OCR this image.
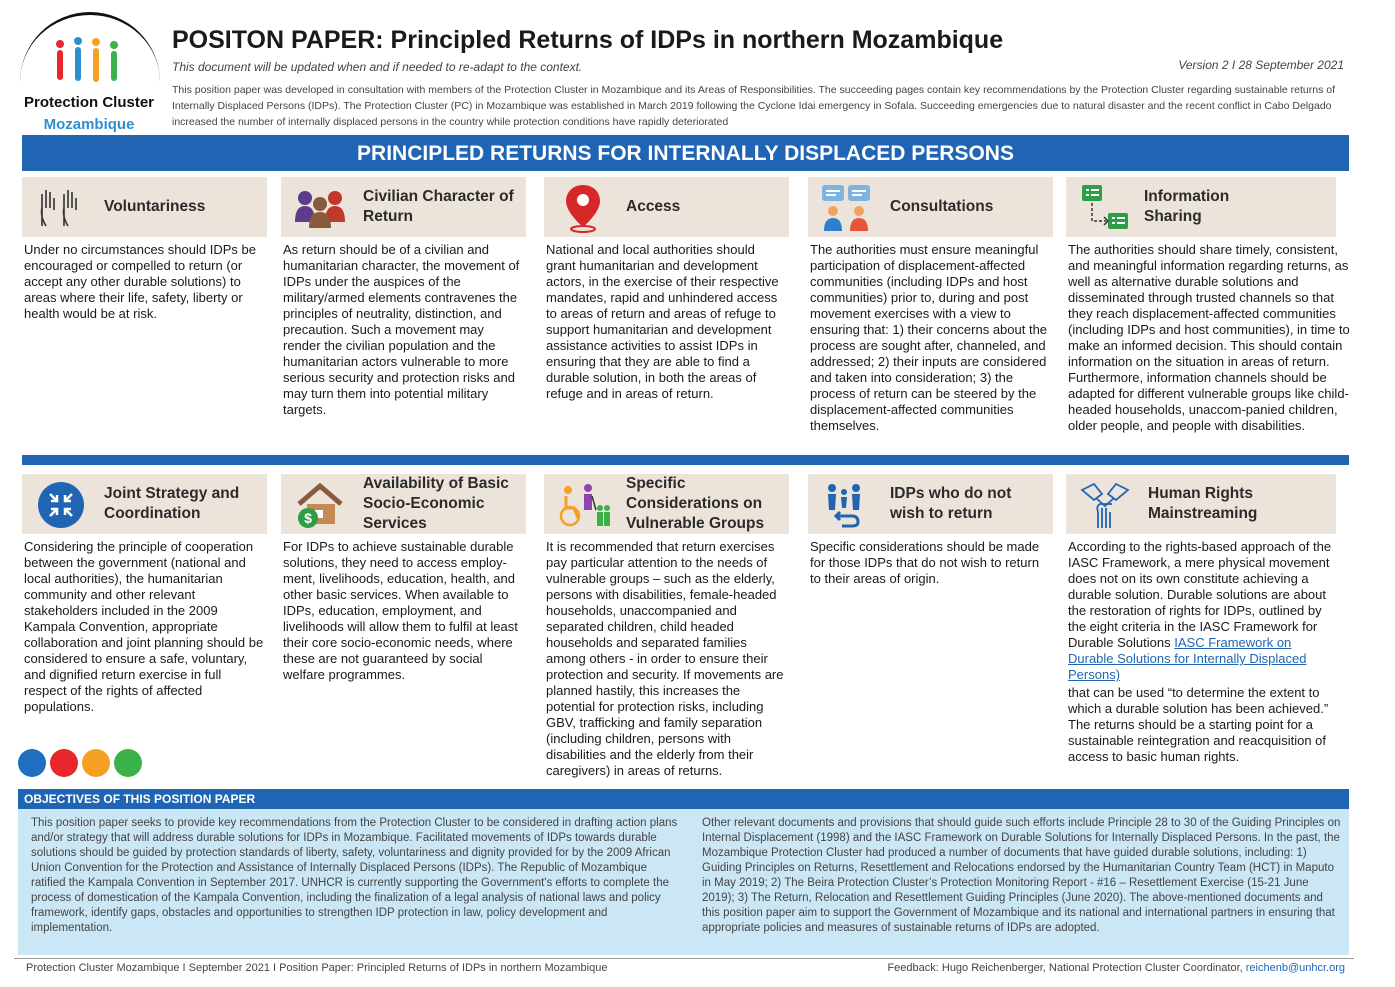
Protection Cluster
Mozambique
POSITON PAPER: Principled Returns of IDPs in northern Mozambique
This document will be updated when and if needed to re-adapt to the context.	Version 2 I 28 September 2021
This position paper was developed in consultation with members of the Protection Cluster in Mozambique and its Areas of Responsibilities. The succeeding pages contain key recommendations by the Protection Cluster regarding sustainable returns of Internally Displaced Persons (IDPs). The Protection Cluster (PC) in Mozambique was established in March 2019 following the Cyclone Idai emergency in Sofala. Succeeding emergencies due to natural disaster and the recent conflict in Cabo Delgado increased the number of internally displaced persons in the country while protection conditions have rapidly deteriorated
PRINCIPLED RETURNS FOR INTERNALLY DISPLACED PERSONS
Voluntariness
Under no circumstances should IDPs be encouraged or compelled to return (or accept any other durable solutions) to areas where their life, safety, liberty or health would be at risk.
Civilian Character of Return
As return should be of a civilian and humanitarian character, the movement of IDPs under the auspices of the military/armed elements contravenes the principles of neutrality, distinction, and precaution. Such a movement may render the civilian population and the humanitarian actors vulnerable to more serious security and protection risks and may turn them into potential military targets.
Access
National and local authorities should grant humanitarian and development actors, in the exercise of their respective mandates, rapid and unhindered access to areas of return and areas of refuge to support humanitarian and development assistance activities to assist IDPs in ensuring that they are able to find a durable solution, in both the areas of refuge and in areas of return.
Consultations
The authorities must ensure meaningful participation of displacement-affected communities (including IDPs and host communities) prior to, during and post movement exercises with a view to ensuring that: 1) their concerns about the process are sought after, channeled, and addressed; 2) their inputs are considered and taken into consideration; 3) the process of return can be steered by the displacement-affected communities themselves.
Information Sharing
The authorities should share timely, consistent, and meaningful information regarding returns, as well as alternative durable solutions and disseminated through trusted channels so that they reach displacement-affected communities (including IDPs and host communities), in time to make an informed decision. This should contain information on the situation in areas of return. Furthermore, information channels should be adapted for different vulnerable groups like child-headed households, unaccom-panied children, older people, and people with disabilities.
Joint Strategy and Coordination
Considering the principle of cooperation between the government (national and local authorities), the humanitarian community and other relevant stakeholders included in the 2009 Kampala Convention, appropriate collaboration and joint planning should be considered to ensure a safe, voluntary, and dignified return exercise in full respect of the rights of affected populations.
$
Availability of Basic Socio-Economic Services
For IDPs to achieve sustainable durable solutions, they need to access employ-ment, livelihoods, education, health, and other basic services. When available to IDPs, education, employment, and livelihoods will allow them to fulfil at least their core socio-economic needs, where these are not guaranteed by social welfare programmes.
Specific Considerations on Vulnerable Groups
It is recommended that return exercises pay particular attention to the needs of vulnerable groups – such as the elderly, persons with disabilities, female-headed households, unaccompanied and separated children, child headed households and separated families among others - in order to ensure their protection and security. If movements are planned hastily, this increases the potential for protection risks, including GBV, trafficking and family separation (including children, persons with disabilities and the elderly from their caregivers) in areas of returns.
IDPs who do not wish to return
Specific considerations should be made for those IDPs that do not wish to return to their areas of origin.
Human Rights Mainstreaming
According to the rights-based approach of the IASC Framework, a mere physical movement does not on its own constitute achieving a durable solution. Durable solutions are about the restoration of rights for IDPs, outlined by the eight criteria in the IASC Framework for Durable Solutions IASC Framework on Durable Solutions for Internally Displaced Persons)
that can be used “to determine the extent to which a durable solution has been achieved.” The returns should be a starting point for a sustainable reintegration and reacquisition of access to basic human rights.
OBJECTIVES OF THIS POSITION PAPER
This position paper seeks to provide key recommendations from the Protection Cluster to be considered in drafting action plans and/or strategy that will address durable solutions for IDPs in Mozambique. Facilitated movements of IDPs towards durable solutions should be guided by protection standards of liberty, safety, voluntariness and dignity provided for by the 2009 African Union Convention for the Protection and Assistance of Internally Displaced Persons (IDPs). The Republic of Mozambique ratified the Kampala Convention in September 2017. UNHCR is currently supporting the Government's efforts to complete the process of domestication of the Kampala Convention, including the finalization of a legal analysis of national laws and policy framework, identify gaps, obstacles and opportunities to strengthen IDP protection in law, policy development and implementation.
Other relevant documents and provisions that should guide such efforts include Principle 28 to 30 of the Guiding Principles on Internal Displacement (1998) and the IASC Framework on Durable Solutions for Internally Displaced Persons. In the past, the Mozambique Protection Cluster had produced a number of documents that have guided durable solutions, including: 1) Guiding Principles on Returns, Resettlement and Relocations endorsed by the Humanitarian Country Team (HCT) in Maputo in May 2019; 2) The Beira Protection Cluster’s Protection Monitoring Report - #16 – Resettlement Exercise (15-21 June 2019); 3) The Return, Relocation and Resettlement Guiding Principles (June 2020). The above-mentioned documents and this position paper aim to support the Government of Mozambique and its national and international partners in ensuring that appropriate policies and measures of sustainable returns of IDPs are adopted.
Protection Cluster Mozambique I September 2021 I Position Paper: Principled Returns of IDPs in northern Mozambique	Feedback: Hugo Reichenberger, National Protection Cluster Coordinator, reichenb@unhcr.org
